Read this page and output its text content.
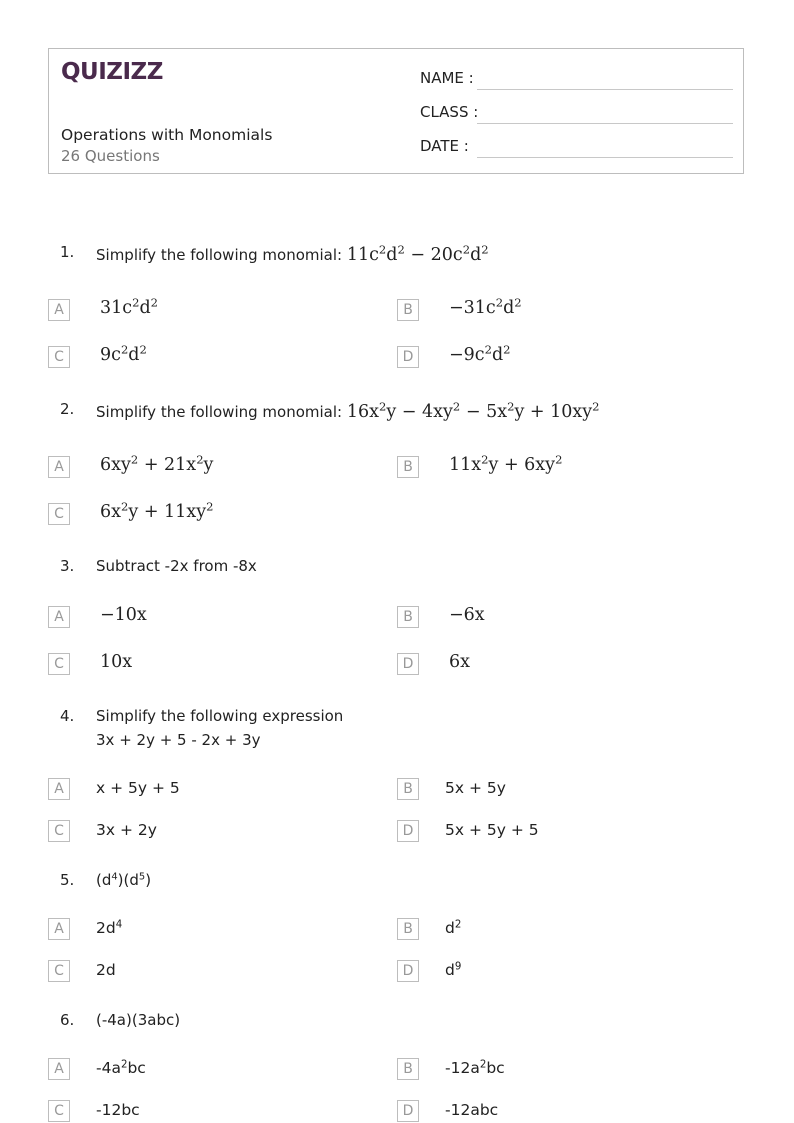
QUIZIZZ
Operations with Monomials
26 Questions
NAME :
CLASS :
DATE :
1. Simplify the following monomial: $11c^2d^2 - 20c^2d^2$
A	$31c^2d^2$	B	$-31c^2d^2$
C	$9c^2d^2$	D	$-9c^2d^2$
2. Simplify the following monomial: $16x^2y - 4xy^2 - 5x^2y + 10xy^2$
A	$6xy^2 + 21x^2y$	B	$11x^2y + 6xy^2$
C	$6x^2y + 11xy^2$
3. Subtract -2x from -8x
A	−10x	B	−6x
C	10x	D	6x
4. Simplify the following expression
3x + 2y + 5 - 2x + 3y
A	x + 5y + 5	B	5x + 5y
C	3x + 2y	D	5x + 5y + 5
5. $(d^4)(d^5)$
A	$2d^4$	B	$d^2$
C	2d	D	$d^9$
6. (-4a)(3abc)
A	$-4a^2bc$	B	$-12a^2bc$
C	-12bc	D	-12abc
